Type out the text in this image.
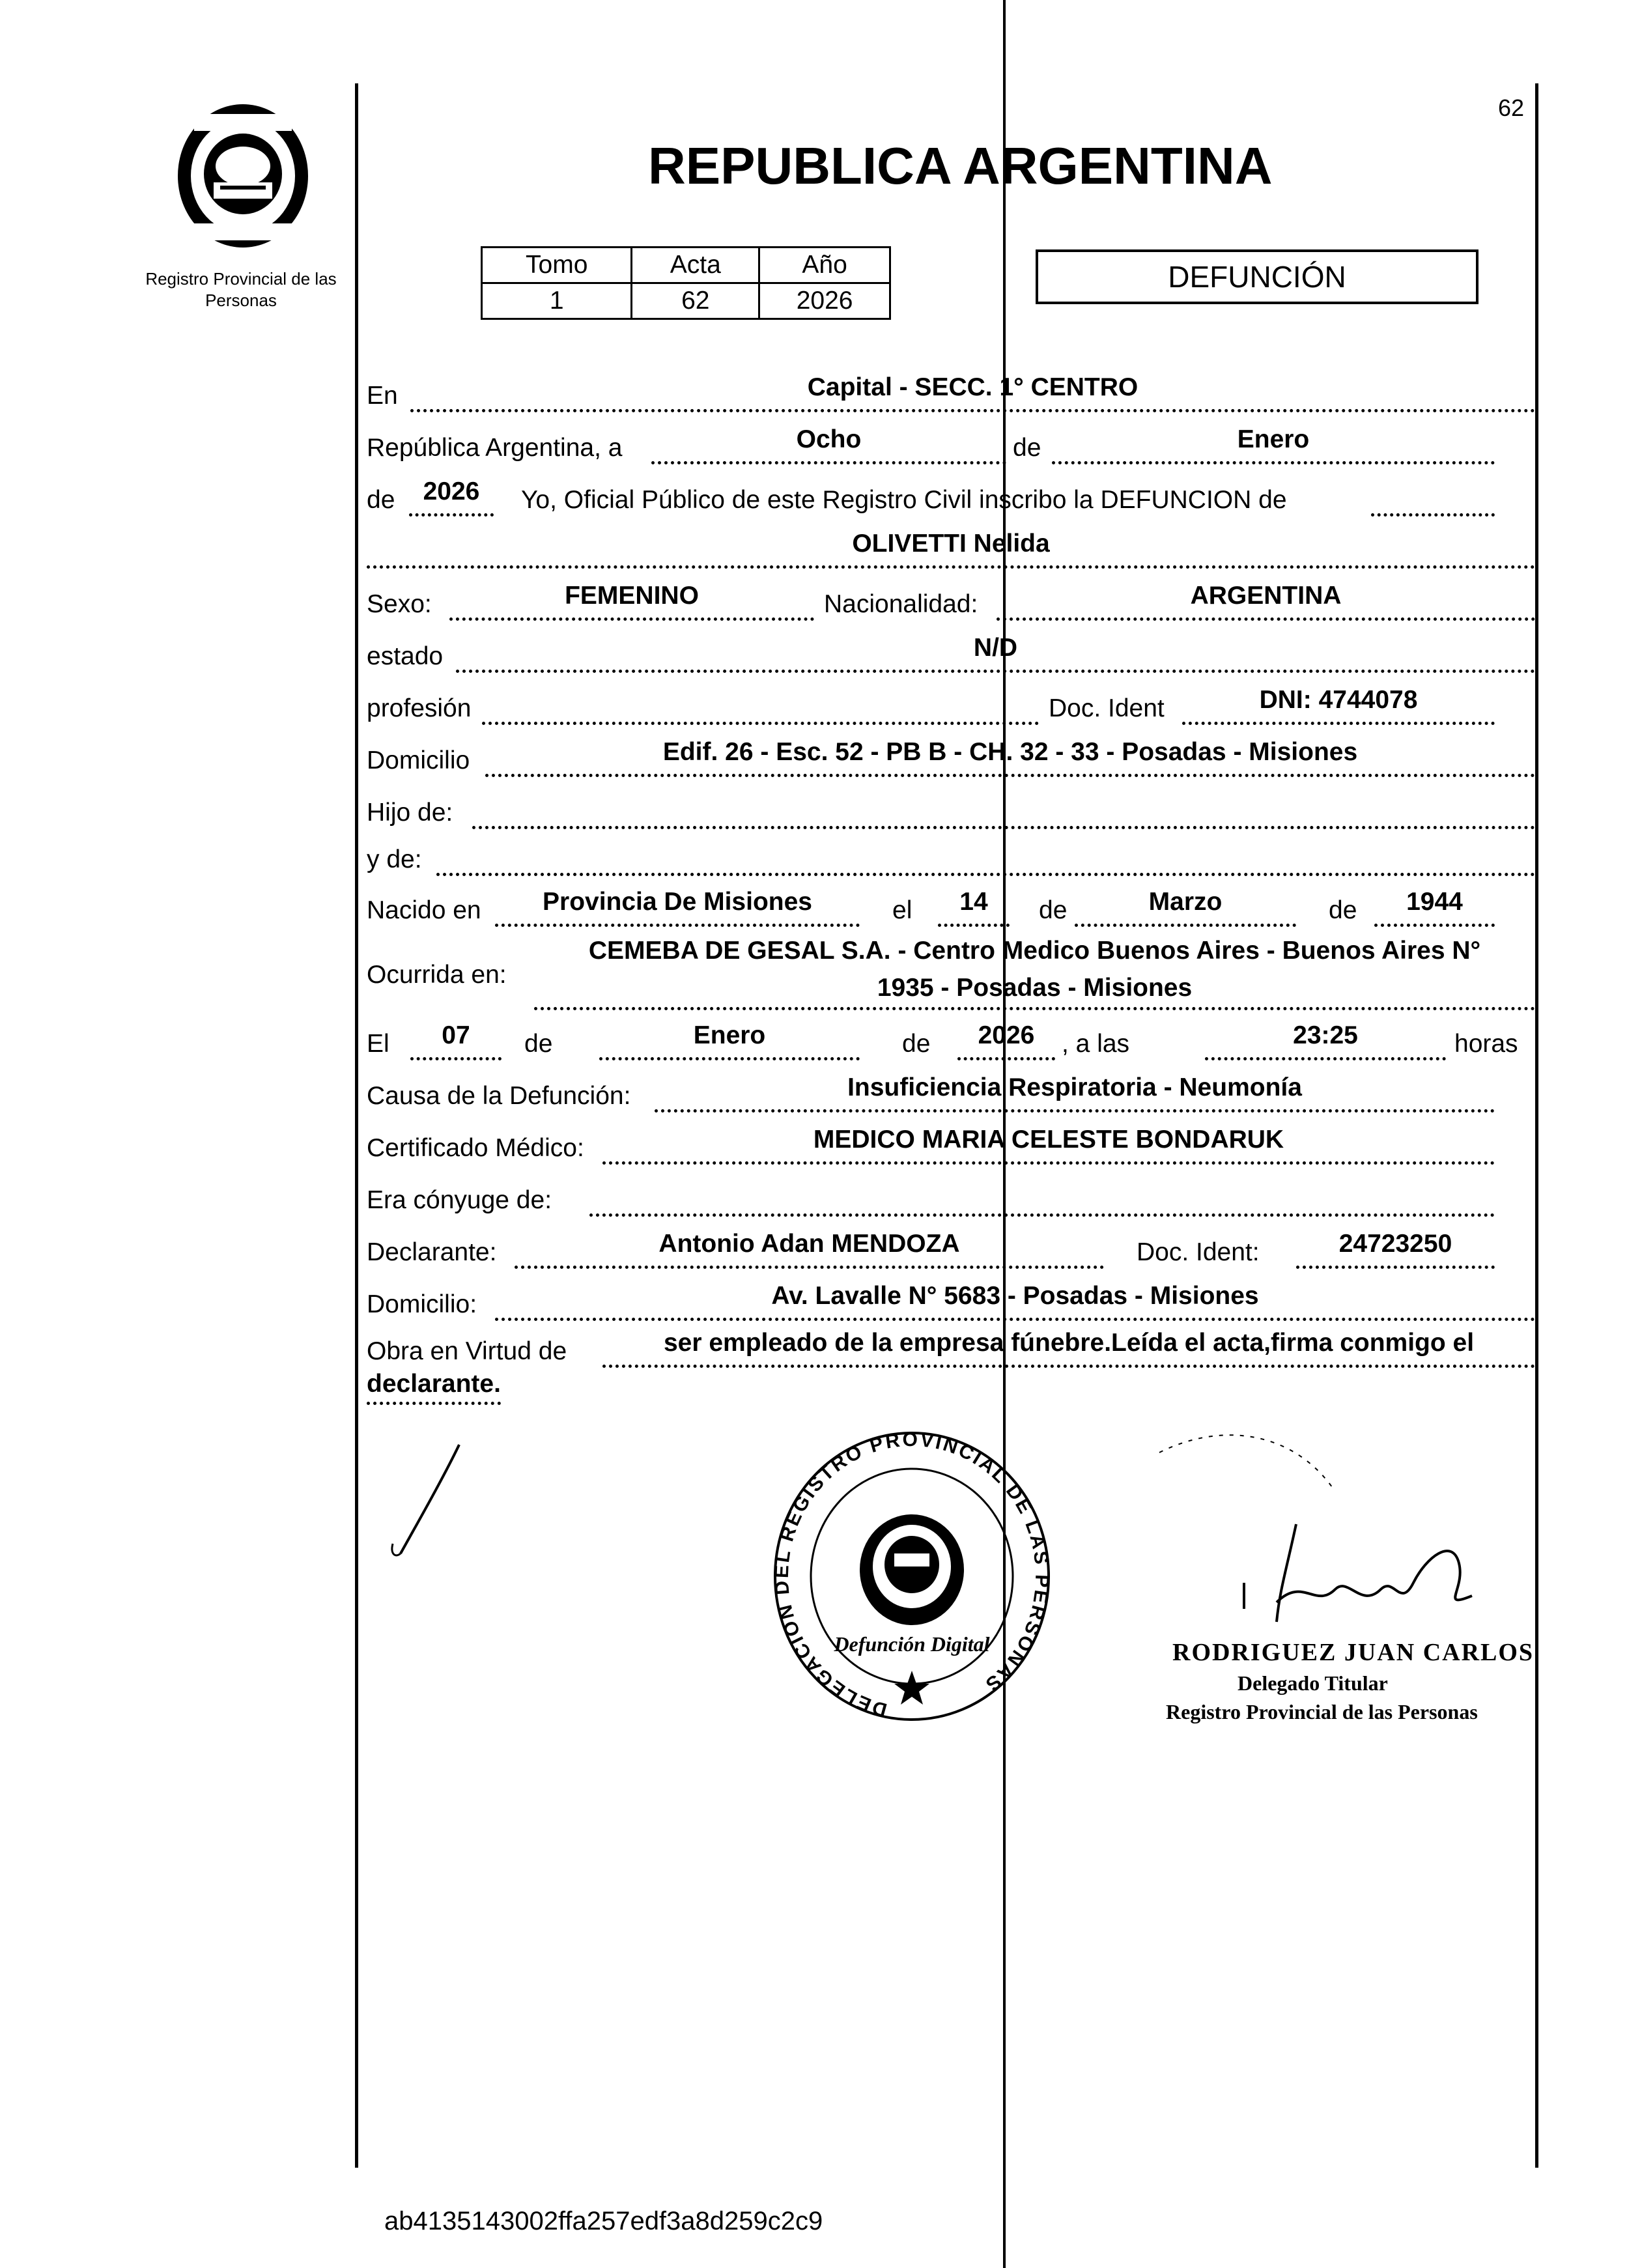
62
Registro Provincial de las Personas
REPUBLICA ARGENTINA
Tomo	Acta	Año
1	62	2026
DEFUNCIÓN
En	Capital - SECC. 1° CENTRO
República Argentina, a	Ocho	de	Enero
de	2026	Yo, Oficial Público de este Registro Civil inscribo la DEFUNCION de
OLIVETTI Nelida
Sexo:	FEMENINO	Nacionalidad:	ARGENTINA
estado	N/D
profesión	Doc. Ident	DNI: 4744078
Domicilio	Edif. 26 - Esc. 52 - PB B - CH. 32 - 33 - Posadas - Misiones
Hijo de:
y de:
Nacido en	Provincia De Misiones	el	14	de	Marzo	de	1944
Ocurrida en:
CEMEBA DE GESAL S.A. - Centro Medico Buenos Aires - Buenos Aires N°
1935 - Posadas - Misiones
El	07	de	Enero	de	2026	, a las	23:25	horas
Causa de la Defunción:	Insuficiencia Respiratoria - Neumonía
Certificado Médico:	MEDICO MARIA CELESTE BONDARUK
Era cónyuge de:
Declarante:	Antonio Adan MENDOZA	Doc. Ident:	24723250
Domicilio:	Av. Lavalle N° 5683 - Posadas - Misiones
Obra en Virtud de	ser empleado de la empresa fúnebre.Leída el acta,firma conmigo el
declarante.
DELEGACION DEL REGISTRO PROVINCIAL DE LAS PERSONAS
Defunción Digital	RODRIGUEZ JUAN CARLOS
Delegado Titular
Registro Provincial de las Personas
ab4135143002ffa257edf3a8d259c2c9
